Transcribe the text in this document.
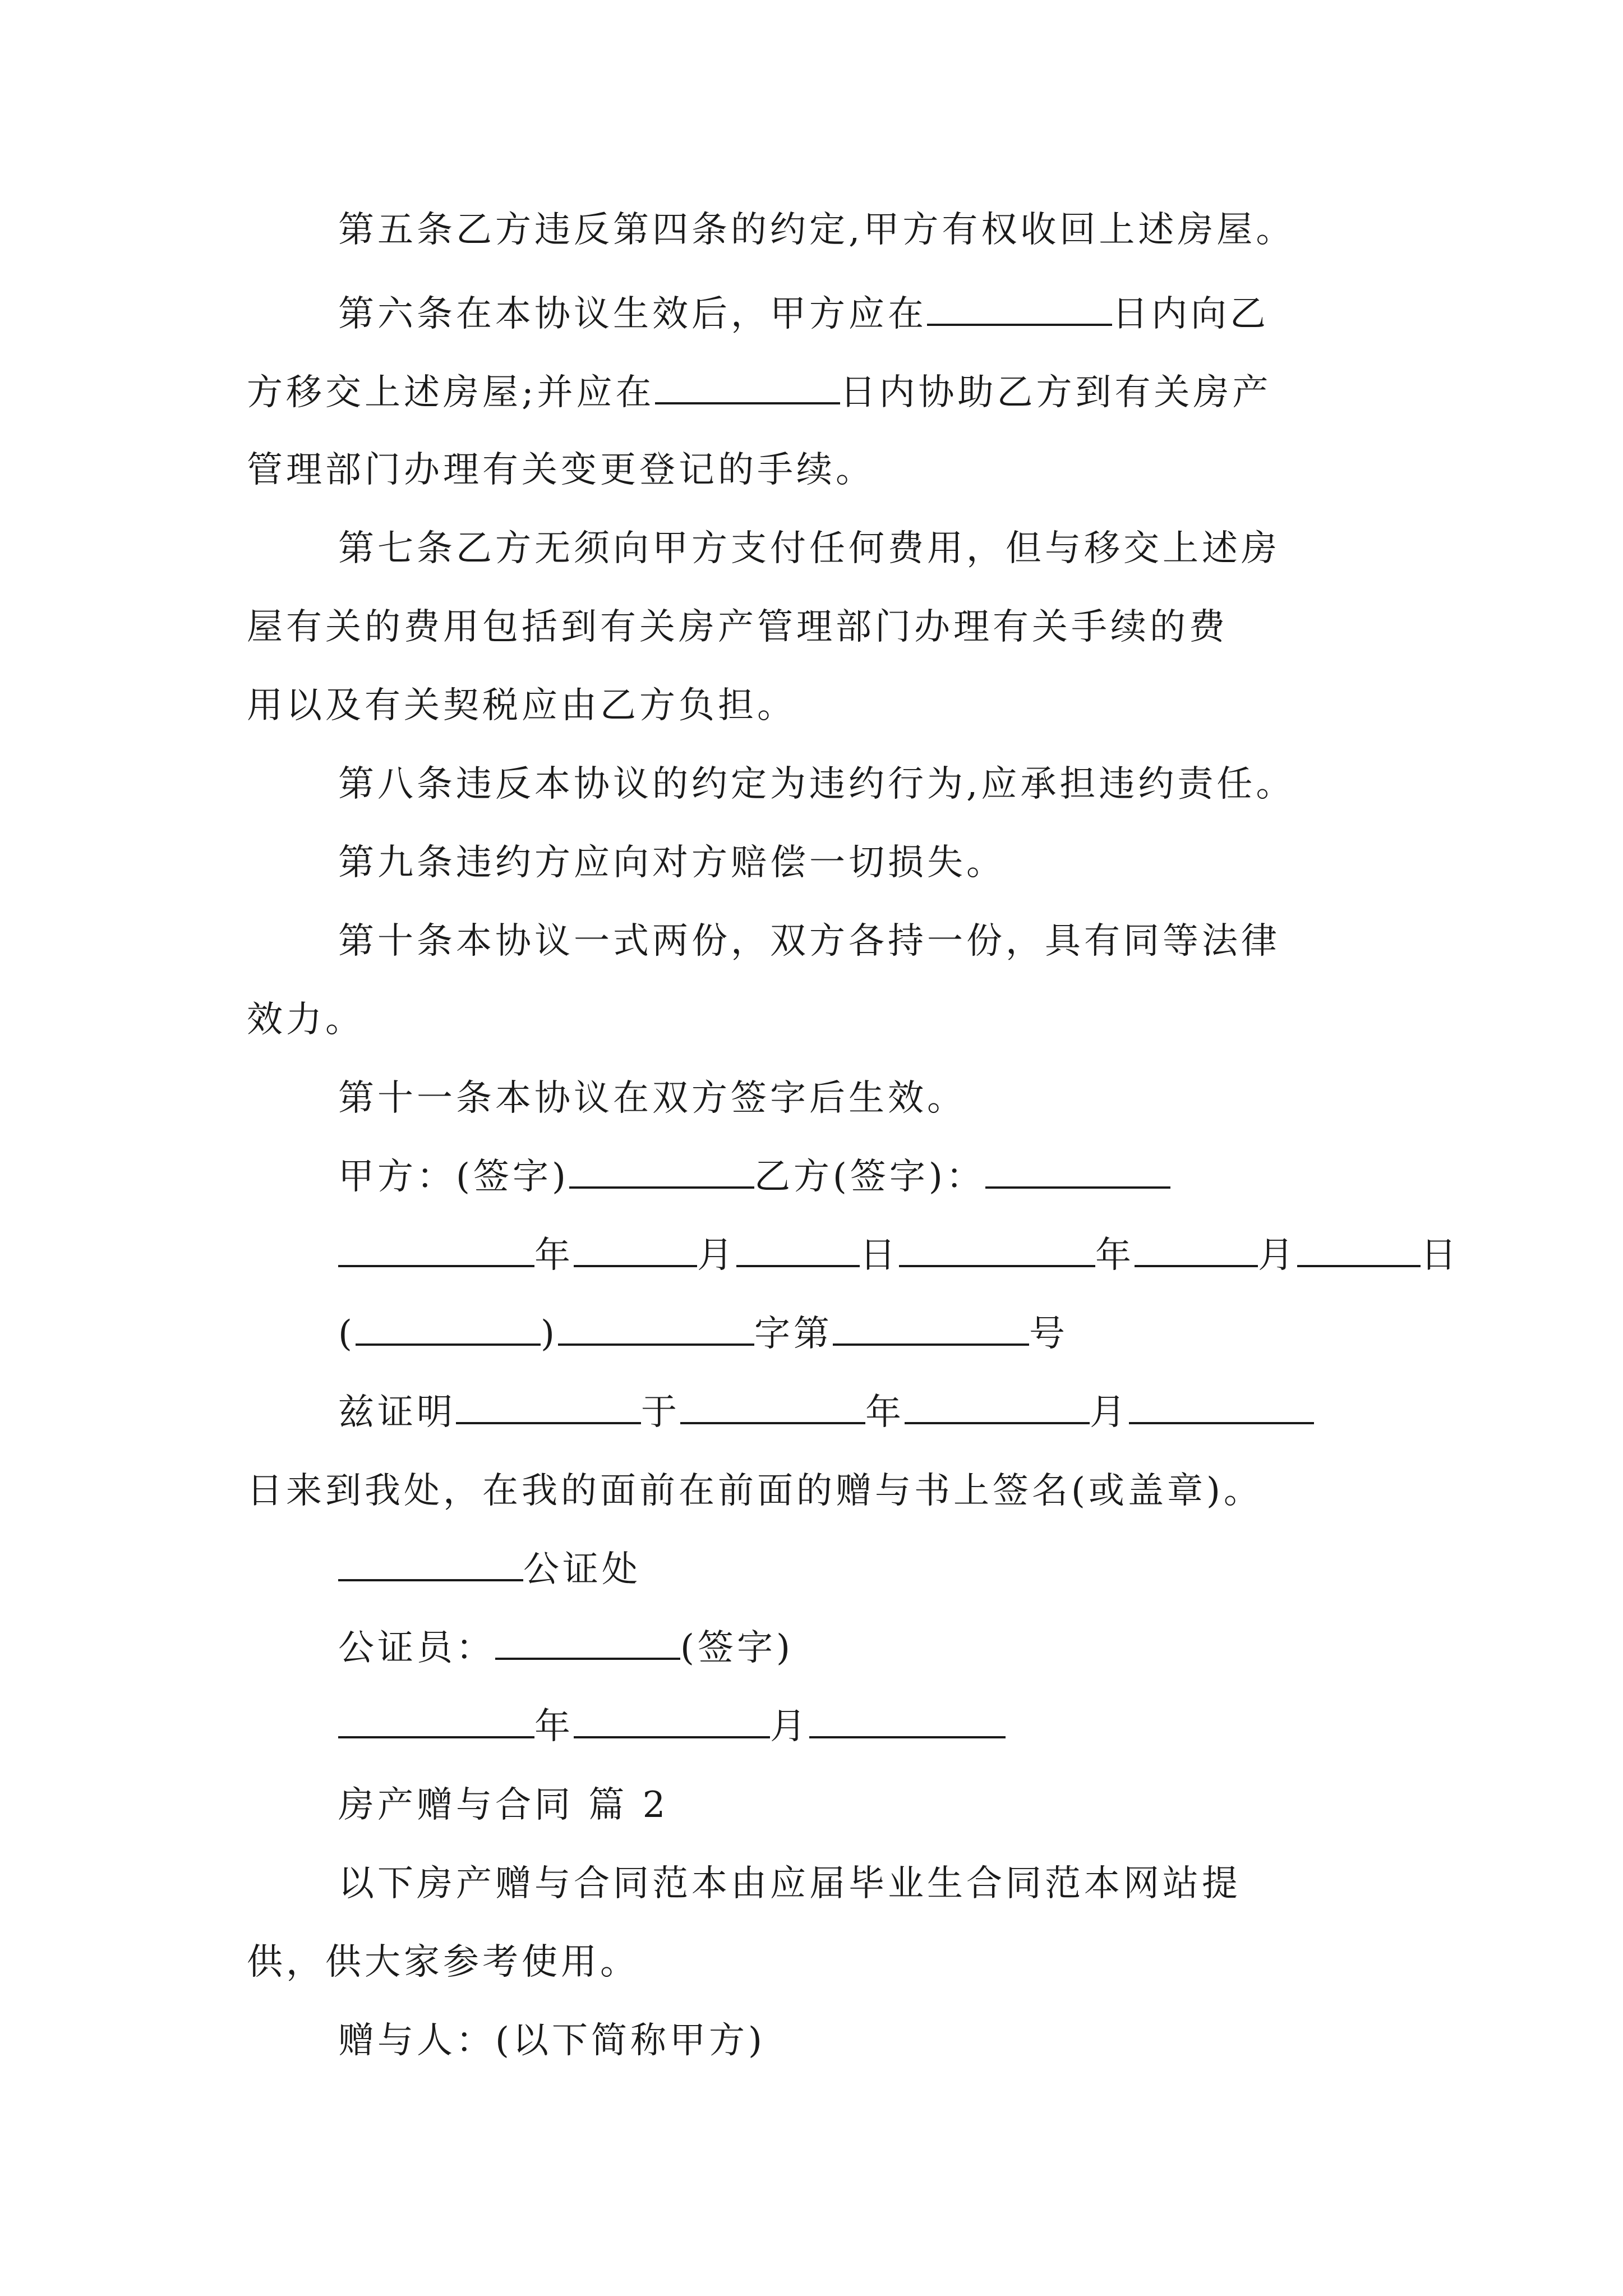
第五条乙方违反第四条的约定,甲方有权收回上述房屋。
第六条在本协议生效后，甲方应在	日内向乙
方移交上述房屋;并应在	日内协助乙方到有关房产
管理部门办理有关变更登记的手续。
第七条乙方无须向甲方支付任何费用，但与移交上述房
屋有关的费用包括到有关房产管理部门办理有关手续的费
用以及有关契税应由乙方负担。
第八条违反本协议的约定为违约行为,应承担违约责任。
第九条违约方应向对方赔偿一切损失。
第十条本协议一式两份，双方各持一份，具有同等法律
效力。
第十一条本协议在双方签字后生效。
甲方：(签字)	乙方(签字)：
年	月	日	年	月	日
(	)	字第	号
兹证明	于	年	月
日来到我处，在我的面前在前面的赠与书上签名(或盖章)。
公证处
公证员：	(签字)
年	月
房产赠与合同 篇 2
以下房产赠与合同范本由应届毕业生合同范本网站提
供，供大家参考使用。
赠与人：(以下简称甲方)
